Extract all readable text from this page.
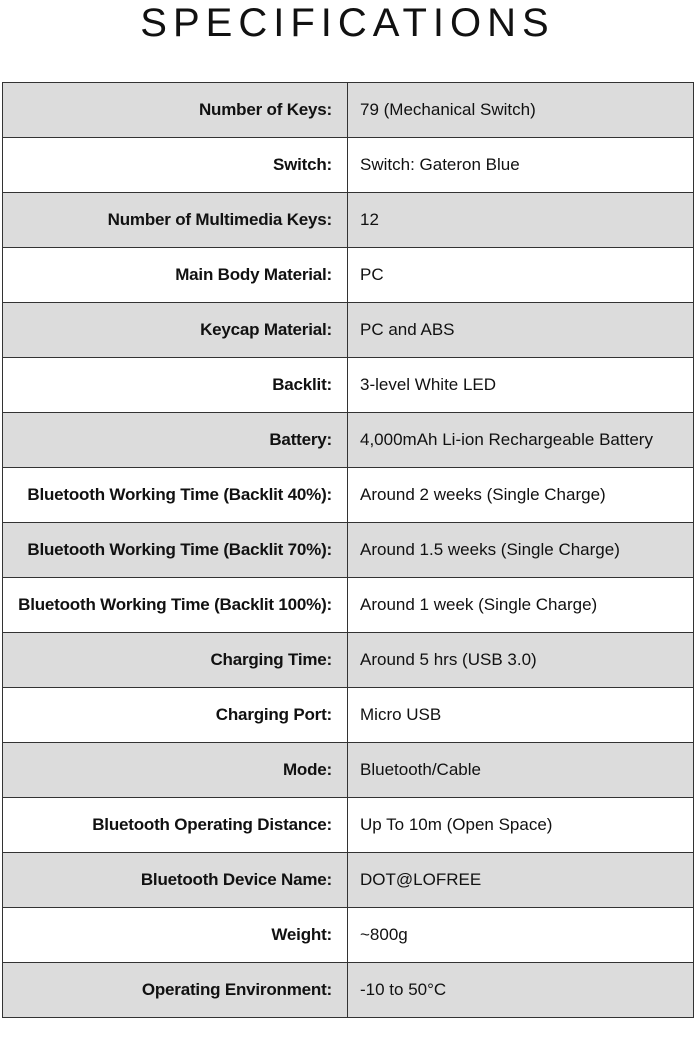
SPECIFICATIONS
Number of Keys:	79 (Mechanical Switch)
Switch:	Switch: Gateron Blue
Number of Multimedia Keys:	12
Main Body Material:	PC
Keycap Material:	PC and ABS
Backlit:	3-level White LED
Battery:	4,000mAh Li-ion Rechargeable Battery
Bluetooth Working Time (Backlit 40%):	Around 2 weeks (Single Charge)
Bluetooth Working Time (Backlit 70%):	Around 1.5 weeks (Single Charge)
Bluetooth Working Time (Backlit 100%):	Around 1 week (Single Charge)
Charging Time:	Around 5 hrs (USB 3.0)
Charging Port:	Micro USB
Mode:	Bluetooth/Cable
Bluetooth Operating Distance:	Up To 10m (Open Space)
Bluetooth Device Name:	DOT@LOFREE
Weight:	~800g
Operating Environment:	-10 to 50°C
